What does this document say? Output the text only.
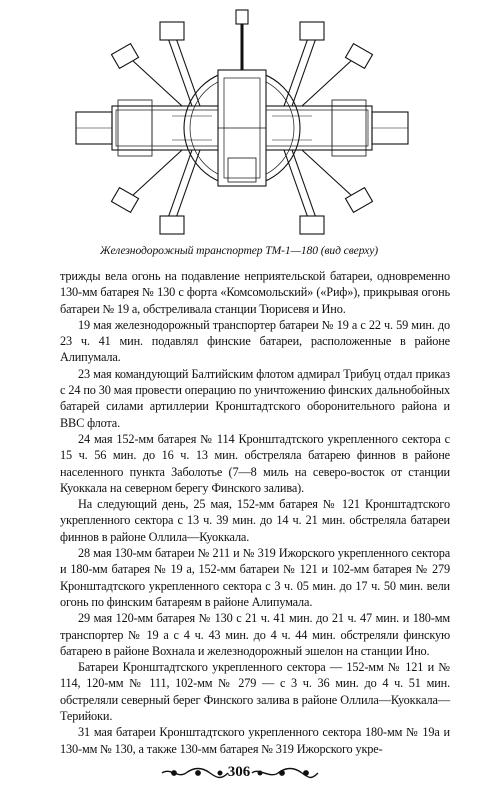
Железнодорожный транспортер ТМ-1—180 (вид сверху)

трижды вела огонь на подавление неприятельской батареи, одновременно 130-мм батарея № 130 с форта «Комсомольский» («Риф»), прикрывая огонь батареи № 19 а, обстреливала станции Тюрисевя и Ино.

19 мая железнодорожный транспортер батареи № 19 а с 22 ч. 59 мин. до 23 ч. 41 мин. подавлял финские батареи, расположенные в районе Алипумала.

23 мая командующий Балтийским флотом адмирал Трибуц отдал приказ с 24 по 30 мая провести операцию по уничтожению финских дальнобойных батарей силами артиллерии Кронштадтского оборонительного района и ВВС флота.

24 мая 152-мм батарея № 114 Кронштадтского укрепленного сектора с 15 ч. 56 мин. до 16 ч. 13 мин. обстреляла батарею финнов в районе населенного пункта Заболотье (7—8 миль на северо-восток от станции Куоккала на северном берегу Финского залива).

На следующий день, 25 мая, 152-мм батарея № 121 Кронштадтского укрепленного сектора с 13 ч. 39 мин. до 14 ч. 21 мин. обстреляла батареи финнов в районе Оллила—Куоккала.

28 мая 130-мм батареи № 211 и № 319 Ижорского укрепленного сектора и 180-мм батарея № 19 а, 152-мм батареи № 121 и 102-мм батарея № 279 Кронштадтского укрепленного сектора с 3 ч. 05 мин. до 17 ч. 50 мин. вели огонь по финским батареям в районе Алипумала.

29 мая 120-мм батарея № 130 с 21 ч. 41 мин. до 21 ч. 47 мин. и 180-мм транспортер № 19 а с 4 ч. 43 мин. до 4 ч. 44 мин. обстреляли финскую батарею в районе Вохнала и железнодорожный эшелон на станции Ино.

Батареи Кронштадтского укрепленного сектора — 152-мм № 121 и № 114, 120-мм № 111, 102-мм № 279 — с 3 ч. 36 мин. до 4 ч. 51 мин. обстреляли северный берег Финского залива в районе Оллила—Куоккала—Терийоки.

31 мая батареи Кронштадтского укрепленного сектора 180-мм № 19а и 130-мм № 130, а также 130-мм батарея № 319 Ижорского укре-

306
